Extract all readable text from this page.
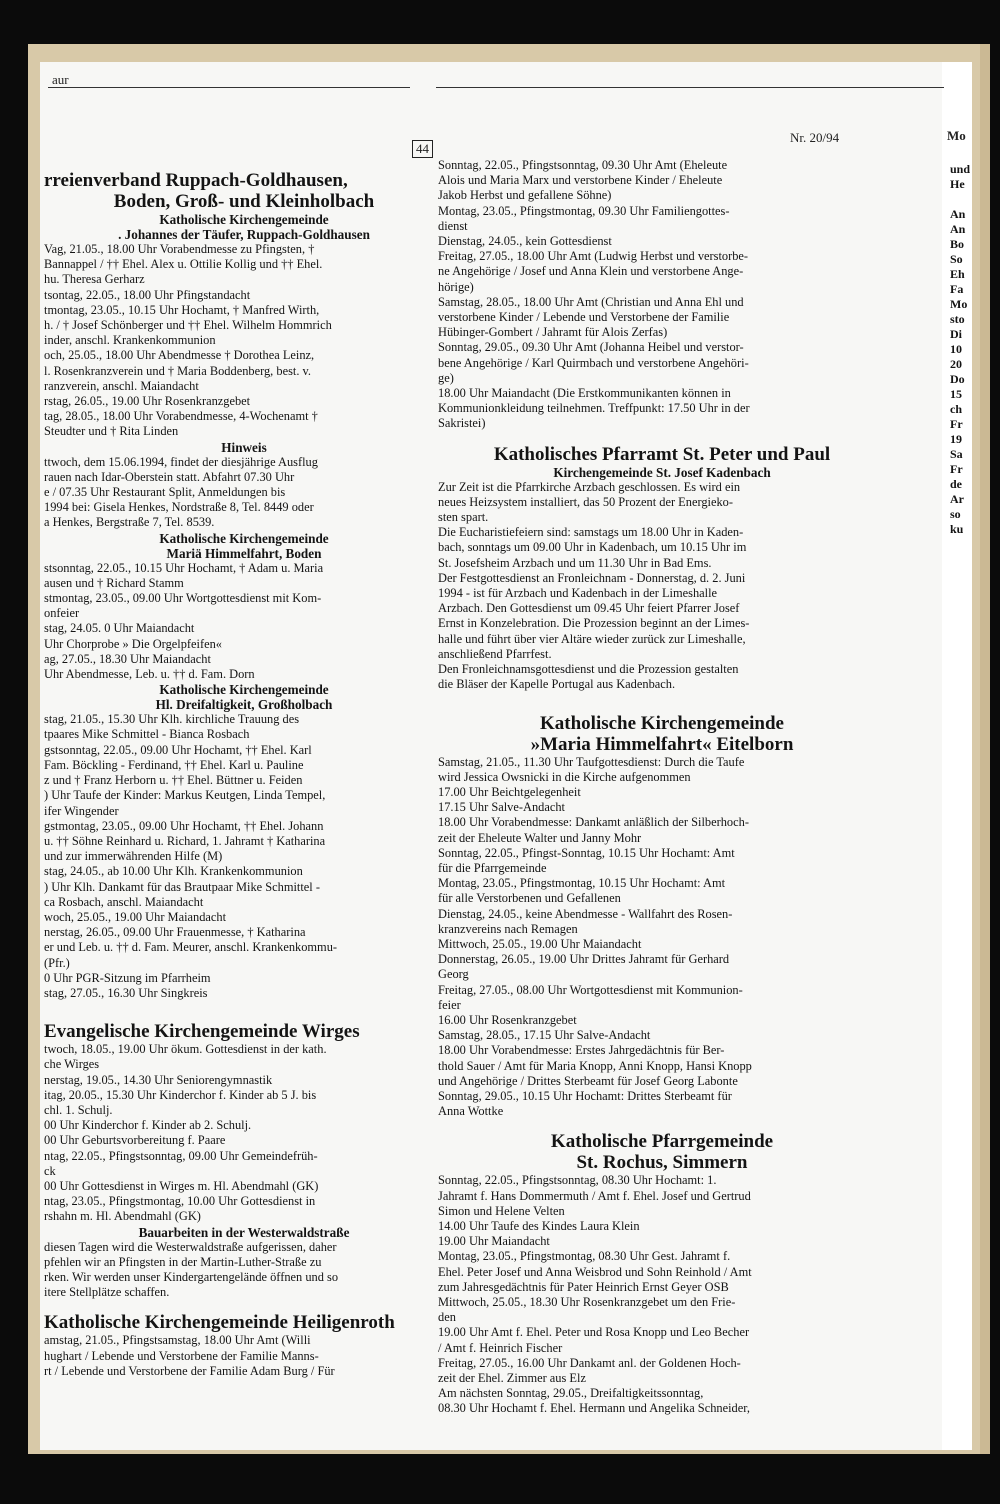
aur
44
Nr. 20/94	Mo

rreienverband Ruppach-Goldhausen,

Boden, Groß- und Kleinholbach

Katholische Kirchengemeinde

. Johannes der Täufer, Ruppach-Goldhausen

Vag, 21.05., 18.00 Uhr Vorabendmesse zu Pfingsten, †

Bannappel / †† Ehel. Alex u. Ottilie Kollig und †† Ehel.

hu. Theresa Gerharz

tsontag, 22.05., 18.00 Uhr Pfingstandacht

tmontag, 23.05., 10.15 Uhr Hochamt, † Manfred Wirth,

h. / † Josef Schönberger und †† Ehel. Wilhelm Hommrich

inder, anschl. Krankenkommunion

och, 25.05., 18.00 Uhr Abendmesse † Dorothea Leinz,

l. Rosenkranzverein und † Maria Boddenberg, best. v.

ranzverein, anschl. Maiandacht

rstag, 26.05., 19.00 Uhr Rosenkranzgebet

tag, 28.05., 18.00 Uhr Vorabendmesse, 4-Wochenamt †

Steudter und † Rita Linden

Hinweis

ttwoch, dem 15.06.1994, findet der diesjährige Ausflug

rauen nach Idar-Oberstein statt. Abfahrt 07.30 Uhr

e / 07.35 Uhr Restaurant Split, Anmeldungen bis

1994 bei: Gisela Henkes, Nordstraße 8, Tel. 8449 oder

a Henkes, Bergstraße 7, Tel. 8539.

Katholische Kirchengemeinde

Mariä Himmelfahrt, Boden

stsonntag, 22.05., 10.15 Uhr Hochamt, † Adam u. Maria

ausen und † Richard Stamm

stmontag, 23.05., 09.00 Uhr Wortgottesdienst mit Kom-

onfeier

stag, 24.05. 0 Uhr Maiandacht

Uhr Chorprobe » Die Orgelpfeifen«

ag, 27.05., 18.30 Uhr Maiandacht

Uhr Abendmesse, Leb. u. †† d. Fam. Dorn

Katholische Kirchengemeinde

Hl. Dreifaltigkeit, Großholbach

stag, 21.05., 15.30 Uhr Klh. kirchliche Trauung des

tpaares Mike Schmittel - Bianca Rosbach

gstsonntag, 22.05., 09.00 Uhr Hochamt, †† Ehel. Karl

Fam. Böckling - Ferdinand, †† Ehel. Karl u. Pauline

z und † Franz Herborn u. †† Ehel. Büttner u. Feiden

) Uhr Taufe der Kinder: Markus Keutgen, Linda Tempel,

ifer Wingender

gstmontag, 23.05., 09.00 Uhr Hochamt, †† Ehel. Johann

u. †† Söhne Reinhard u. Richard, 1. Jahramt † Katharina

und zur immerwährenden Hilfe (M)

stag, 24.05., ab 10.00 Uhr Klh. Krankenkommunion

) Uhr Klh. Dankamt für das Brautpaar Mike Schmittel -

ca Rosbach, anschl. Maiandacht

woch, 25.05., 19.00 Uhr Maiandacht

nerstag, 26.05., 09.00 Uhr Frauenmesse, † Katharina

er und Leb. u. †† d. Fam. Meurer, anschl. Krankenkommu-

(Pfr.)

0 Uhr PGR-Sitzung im Pfarrheim

stag, 27.05., 16.30 Uhr Singkreis

Evangelische Kirchengemeinde Wirges

twoch, 18.05., 19.00 Uhr ökum. Gottesdienst in der kath.

che Wirges

nerstag, 19.05., 14.30 Uhr Seniorengymnastik

itag, 20.05., 15.30 Uhr Kinderchor f. Kinder ab 5 J. bis

chl. 1. Schulj.

00 Uhr Kinderchor f. Kinder ab 2. Schulj.

00 Uhr Geburtsvorbereitung f. Paare

ntag, 22.05., Pfingstsonntag, 09.00 Uhr Gemeindefrüh-

ck

00 Uhr Gottesdienst in Wirges m. Hl. Abendmahl (GK)

ntag, 23.05., Pfingstmontag, 10.00 Uhr Gottesdienst in

rshahn m. Hl. Abendmahl (GK)

Bauarbeiten in der Westerwaldstraße

diesen Tagen wird die Westerwaldstraße aufgerissen, daher

pfehlen wir an Pfingsten in der Martin-Luther-Straße zu

rken. Wir werden unser Kindergartengelände öffnen und so

itere Stellplätze schaffen.

Katholische Kirchengemeinde Heiligenroth

amstag, 21.05., Pfingstsamstag, 18.00 Uhr Amt (Willi

hughart / Lebende und Verstorbene der Familie Manns-

rt / Lebende und Verstorbene der Familie Adam Burg / Für

Sonntag, 22.05., Pfingstsonntag, 09.30 Uhr Amt (Eheleute

Alois und Maria Marx und verstorbene Kinder / Eheleute

Jakob Herbst und gefallene Söhne)

Montag, 23.05., Pfingstmontag, 09.30 Uhr Familiengottes-

dienst

Dienstag, 24.05., kein Gottesdienst

Freitag, 27.05., 18.00 Uhr Amt (Ludwig Herbst und verstorbe-

ne Angehörige / Josef und Anna Klein und verstorbene Ange-

hörige)

Samstag, 28.05., 18.00 Uhr Amt (Christian und Anna Ehl und

verstorbene Kinder / Lebende und Verstorbene der Familie

Hübinger-Gombert / Jahramt für Alois Zerfas)

Sonntag, 29.05., 09.30 Uhr Amt (Johanna Heibel und verstor-

bene Angehörige / Karl Quirmbach und verstorbene Angehöri-

ge)

18.00 Uhr Maiandacht (Die Erstkommunikanten können in

Kommunionkleidung teilnehmen. Treffpunkt: 17.50 Uhr in der

Sakristei)

Katholisches Pfarramt St. Peter und Paul

Kirchengemeinde St. Josef Kadenbach

Zur Zeit ist die Pfarrkirche Arzbach geschlossen. Es wird ein

neues Heizsystem installiert, das 50 Prozent der Energieko-

sten spart.

Die Eucharistiefeiern sind: samstags um 18.00 Uhr in Kaden-

bach, sonntags um 09.00 Uhr in Kadenbach, um 10.15 Uhr im

St. Josefsheim Arzbach und um 11.30 Uhr in Bad Ems.

Der Festgottesdienst an Fronleichnam - Donnerstag, d. 2. Juni

1994 - ist für Arzbach und Kadenbach in der Limeshalle

Arzbach. Den Gottesdienst um 09.45 Uhr feiert Pfarrer Josef

Ernst in Konzelebration. Die Prozession beginnt an der Limes-

halle und führt über vier Altäre wieder zurück zur Limeshalle,

anschließend Pfarrfest.

Den Fronleichnamsgottesdienst und die Prozession gestalten

die Bläser der Kapelle Portugal aus Kadenbach.

Katholische Kirchengemeinde

»Maria Himmelfahrt« Eitelborn

Samstag, 21.05., 11.30 Uhr Taufgottesdienst: Durch die Taufe

wird Jessica Owsnicki in die Kirche aufgenommen

17.00 Uhr Beichtgelegenheit

17.15 Uhr Salve-Andacht

18.00 Uhr Vorabendmesse: Dankamt anläßlich der Silberhoch-

zeit der Eheleute Walter und Janny Mohr

Sonntag, 22.05., Pfingst-Sonntag, 10.15 Uhr Hochamt: Amt

für die Pfarrgemeinde

Montag, 23.05., Pfingstmontag, 10.15 Uhr Hochamt: Amt

für alle Verstorbenen und Gefallenen

Dienstag, 24.05., keine Abendmesse - Wallfahrt des Rosen-

kranzvereins nach Remagen

Mittwoch, 25.05., 19.00 Uhr Maiandacht

Donnerstag, 26.05., 19.00 Uhr Drittes Jahramt für Gerhard

Georg

Freitag, 27.05., 08.00 Uhr Wortgottesdienst mit Kommunion-

feier

16.00 Uhr Rosenkranzgebet

Samstag, 28.05., 17.15 Uhr Salve-Andacht

18.00 Uhr Vorabendmesse: Erstes Jahrgedächtnis für Ber-

thold Sauer / Amt für Maria Knopp, Anni Knopp, Hansi Knopp

und Angehörige / Drittes Sterbeamt für Josef Georg Labonte

Sonntag, 29.05., 10.15 Uhr Hochamt: Drittes Sterbeamt für

Anna Wottke

Katholische Pfarrgemeinde

St. Rochus, Simmern

Sonntag, 22.05., Pfingstsonntag, 08.30 Uhr Hochamt: 1.

Jahramt f. Hans Dommermuth / Amt f. Ehel. Josef und Gertrud

Simon und Helene Velten

14.00 Uhr Taufe des Kindes Laura Klein

19.00 Uhr Maiandacht

Montag, 23.05., Pfingstmontag, 08.30 Uhr Gest. Jahramt f.

Ehel. Peter Josef und Anna Weisbrod und Sohn Reinhold / Amt

zum Jahresgedächtnis für Pater Heinrich Ernst Geyer OSB

Mittwoch, 25.05., 18.30 Uhr Rosenkranzgebet um den Frie-

den

19.00 Uhr Amt f. Ehel. Peter und Rosa Knopp und Leo Becher

/ Amt f. Heinrich Fischer

Freitag, 27.05., 16.00 Uhr Dankamt anl. der Goldenen Hoch-

zeit der Ehel. Zimmer aus Elz

Am nächsten Sonntag, 29.05., Dreifaltigkeitssonntag,

08.30 Uhr Hochamt f. Ehel. Hermann und Angelika Schneider,

und
He

An
An
Bo
So
Eh
Fa
Mo
sto
Di
10
20
Do
15
ch
Fr
19
Sa
Fr
de
Ar
so
ku
